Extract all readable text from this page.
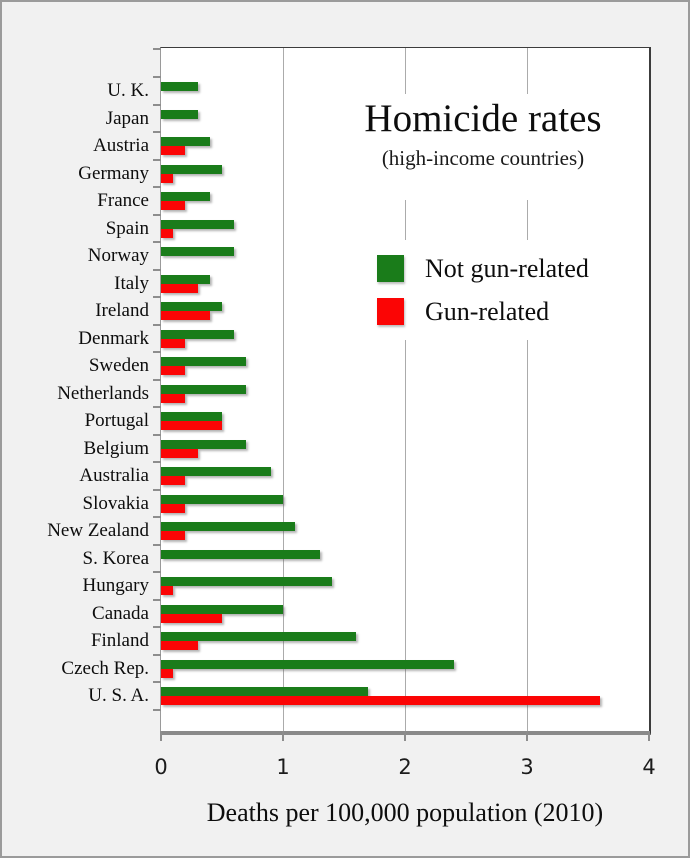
U. K.
Japan
Austria
Germany
France
Spain
Norway
Italy
Ireland
Denmark
Sweden
Netherlands
Portugal
Belgium
Australia
Slovakia
New Zealand
S. Korea
Hungary
Canada
Finland
Czech Rep.
U. S. A.
Homicide rates
(high-income countries)
Not gun-related
Gun-related
0	1	2	3	4
Deaths per 100,000 population (2010)
